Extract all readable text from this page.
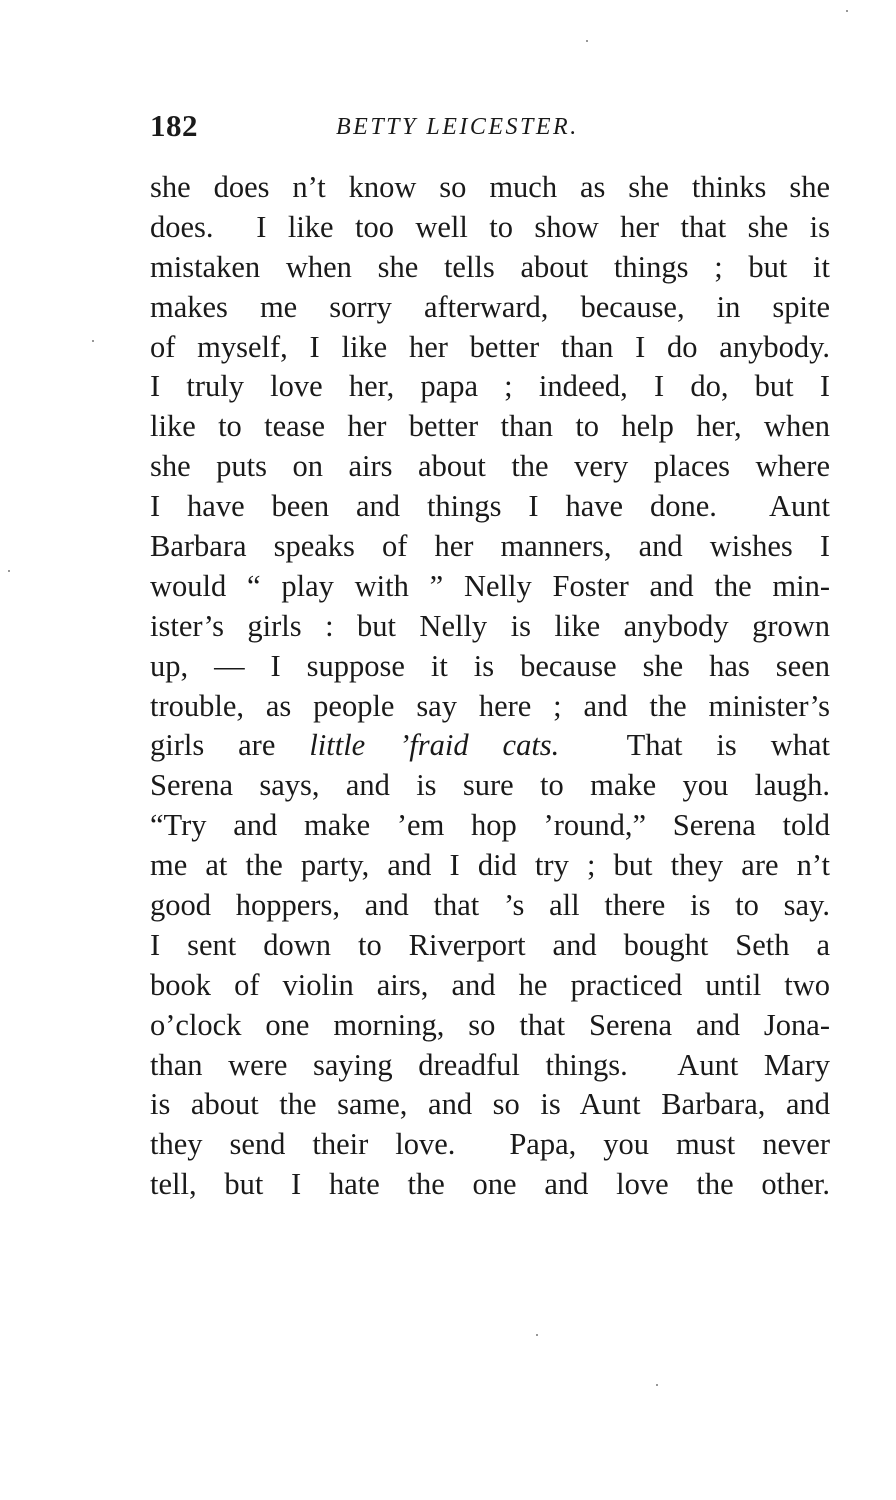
182	BETTY LEICESTER.
she does n’t know so much as she thinks she
does.  I like too well to show her that she is
mistaken when she tells about things ; but it
makes me sorry afterward, because, in spite
of myself, I like her better than I do anybody.
I truly love her, papa ; indeed, I do, but I
like to tease her better than to help her, when
she puts on airs about the very places where
I have been and things I have done.  Aunt
Barbara speaks of her manners, and wishes I
would “ play with ” Nelly Foster and the min-
ister’s girls : but Nelly is like anybody grown
up, — I suppose it is because she has seen
trouble, as people say here ; and the minister’s
girls are little ’fraid cats.  That is what
Serena says, and is sure to make you laugh.
“Try and make ’em hop ’round,” Serena told
me at the party, and I did try ; but they are n’t
good hoppers, and that ’s all there is to say.
I sent down to Riverport and bought Seth a
book of violin airs, and he practiced until two
o’clock one morning, so that Serena and Jona-
than were saying dreadful things.  Aunt Mary
is about the same, and so is Aunt Barbara, and
they send their love.  Papa, you must never
tell, but I hate the one and love the other.
